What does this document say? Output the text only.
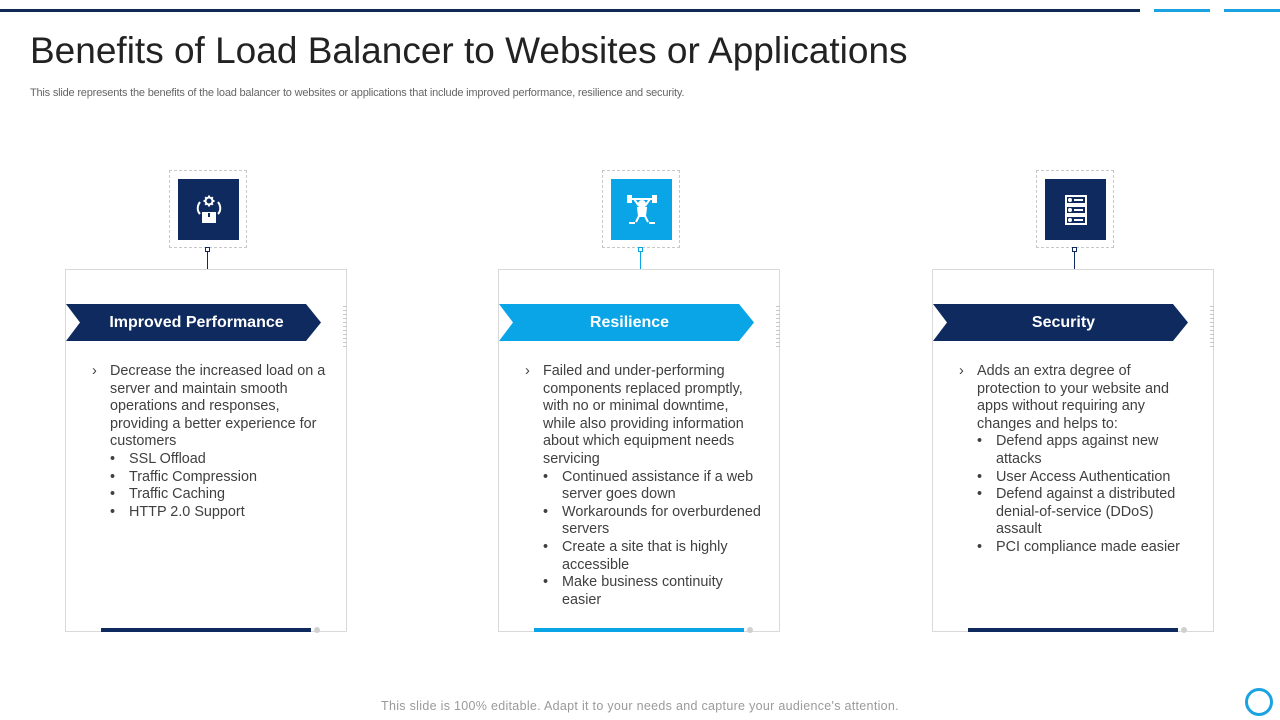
Benefits of Load Balancer to Websites or Applications

This slide represents the benefits of the load balancer to websites or applications that include improved performance, resilience and security.

Improved Performance
› Decrease the increased load on a server and maintain smooth operations and responses, providing a better experience for customers
• SSL Offload
• Traffic Compression
• Traffic Caching
• HTTP 2.0 Support
Resilience
› Failed and under-performing components replaced promptly, with no or minimal downtime, while also providing information about which equipment needs servicing
• Continued assistance if a web server goes down
• Workarounds for overburdened servers
• Create a site that is highly accessible
• Make business continuity easier
Security
› Adds an extra degree of protection to your website and apps without requiring any changes and helps to:
• Defend apps against new attacks
• User Access Authentication
• Defend against a distributed denial-of-service (DDoS) assault
• PCI compliance made easier
This slide is 100% editable. Adapt it to your needs and capture your audience's attention.
